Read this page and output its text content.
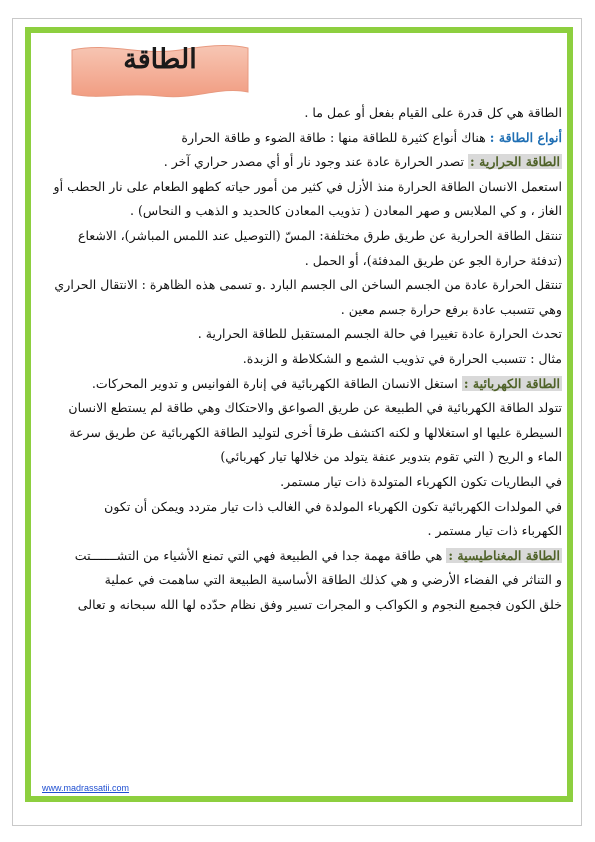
الطاقة
الطاقة هي كل قدرة على القيام بفعل أو عمل ما .
أنواع الطاقة : هناك أنواع كثيرة للطاقة منها : طاقة الضوء و طاقة الحرارة
الطاقة الحرارية : تصدر الحرارة عادة عند وجود نار أو أي مصدر حراري آخر .
استعمل الانسان الطاقة الحرارة منذ الأزل في كثير من أمور حياته كطهو الطعام على نار الحطب أو
الغاز ، و كي الملابس و صهر المعادن ( تذويب المعادن كالحديد و الذهب و النحاس) .
تنتقل الطاقة الحرارية عن طريق طرق مختلفة: المسّ (التوصيل عند اللمس المباشر)، الاشعاع
(تدفئة حرارة الجو عن طريق المدفئة)، أو الحمل .
تنتقل الحرارة عادة من الجسم الساخن الى الجسم البارد .و تسمى هذه الظاهرة : الانتقال الحراري
وهي تتسبب عادة برفع حرارة جسم معين .
تحدث الحرارة عادة تغييرا في حالة الجسم المستقبل للطاقة الحرارية .
مثال : تتسبب الحرارة في تذويب الشمع و الشكلاطة و الزبدة.
الطاقة الكهربائية : استغل الانسان الطاقة الكهربائية في إنارة الفوانيس و تدوير المحركات.
تتولد الطاقة الكهربائية في الطبيعة عن طريق الصواعق والاحتكاك وهي طاقة لم يستطع الانسان
السيطرة عليها او استغلالها و لكنه اكتشف طرقا أخرى لتوليد الطاقة الكهربائية عن طريق سرعة
الماء و الريح ( التي تقوم بتدوير عنفة يتولد من خلالها تيار كهربائي)
في البطاريات تكون الكهرباء المتولدة ذات تيار مستمر.
في المولدات الكهربائية تكون الكهرباء المولدة في الغالب ذات تيار متردد ويمكن أن تكون
الكهرباء ذات تيار مستمر .
الطاقة المغناطيسية : هي طاقة مهمة جدا في الطبيعة فهي التي تمنع الأشياء من التشـــــــتت
و التناثر في الفضاء الأرضي و هي كذلك الطاقة الأساسية الطبيعة التي ساهمت في عملية
خلق الكون فجميع النجوم و الكواكب و المجرات تسير وفق نظام حدّده لها الله سبحانه و تعالى
www.madrassatii.com
